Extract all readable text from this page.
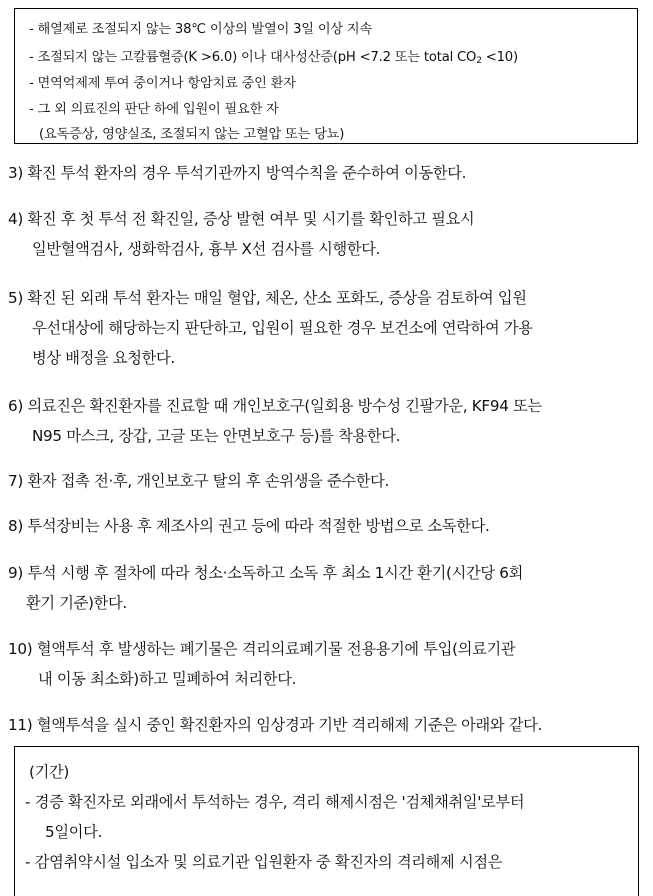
- 해열제로 조절되지 않는 38℃ 이상의 발열이 3일 이상 지속
- 조절되지 않는 고칼륨혈증(K >6.0) 이나 대사성산증(pH <7.2 또는 total $CO_2 <10$)
- 면역억제제 투여 중이거나 항암치료 중인 환자
- 그 외 의료진의 판단 하에 입원이 필요한 자
(요독증상, 영양실조, 조절되지 않는 고혈압 또는 당뇨)
3) 확진 투석 환자의 경우 투석기관까지 방역수칙을 준수하여 이동한다.
4) 확진 후 첫 투석 전 확진일, 증상 발현 여부 및 시기를 확인하고 필요시
일반혈액검사, 생화학검사, 흉부 X선 검사를 시행한다.
5) 확진 된 외래 투석 환자는 매일 혈압, 체온, 산소 포화도, 증상을 검토하여 입원
우선대상에 해당하는지 판단하고, 입원이 필요한 경우 보건소에 연락하여 가용
병상 배정을 요청한다.
6) 의료진은 확진환자를 진료할 때 개인보호구(일회용 방수성 긴팔가운, KF94 또는
N95 마스크, 장갑, 고글 또는 안면보호구 등)를 착용한다.
7) 환자 접촉 전·후, 개인보호구 탈의 후 손위생을 준수한다.
8) 투석장비는 사용 후 제조사의 권고 등에 따라 적절한 방법으로 소독한다.
9) 투석 시행 후 절차에 따라 청소·소독하고 소독 후 최소 1시간 환기(시간당 6회
환기 기준)한다.
10) 혈액투석 후 발생하는 폐기물은 격리의료폐기물 전용용기에 투입(의료기관
내 이동 최소화)하고 밀폐하여 처리한다.
11) 혈액투석을 실시 중인 확진환자의 임상경과 기반 격리해제 기준은 아래와 같다.
(기간)
- 경증 확진자로 외래에서 투석하는 경우, 격리 해제시점은 '검체채취일'로부터
5일이다.
- 감염취약시설 입소자 및 의료기관 입원환자 중 확진자의 격리해제 시점은
